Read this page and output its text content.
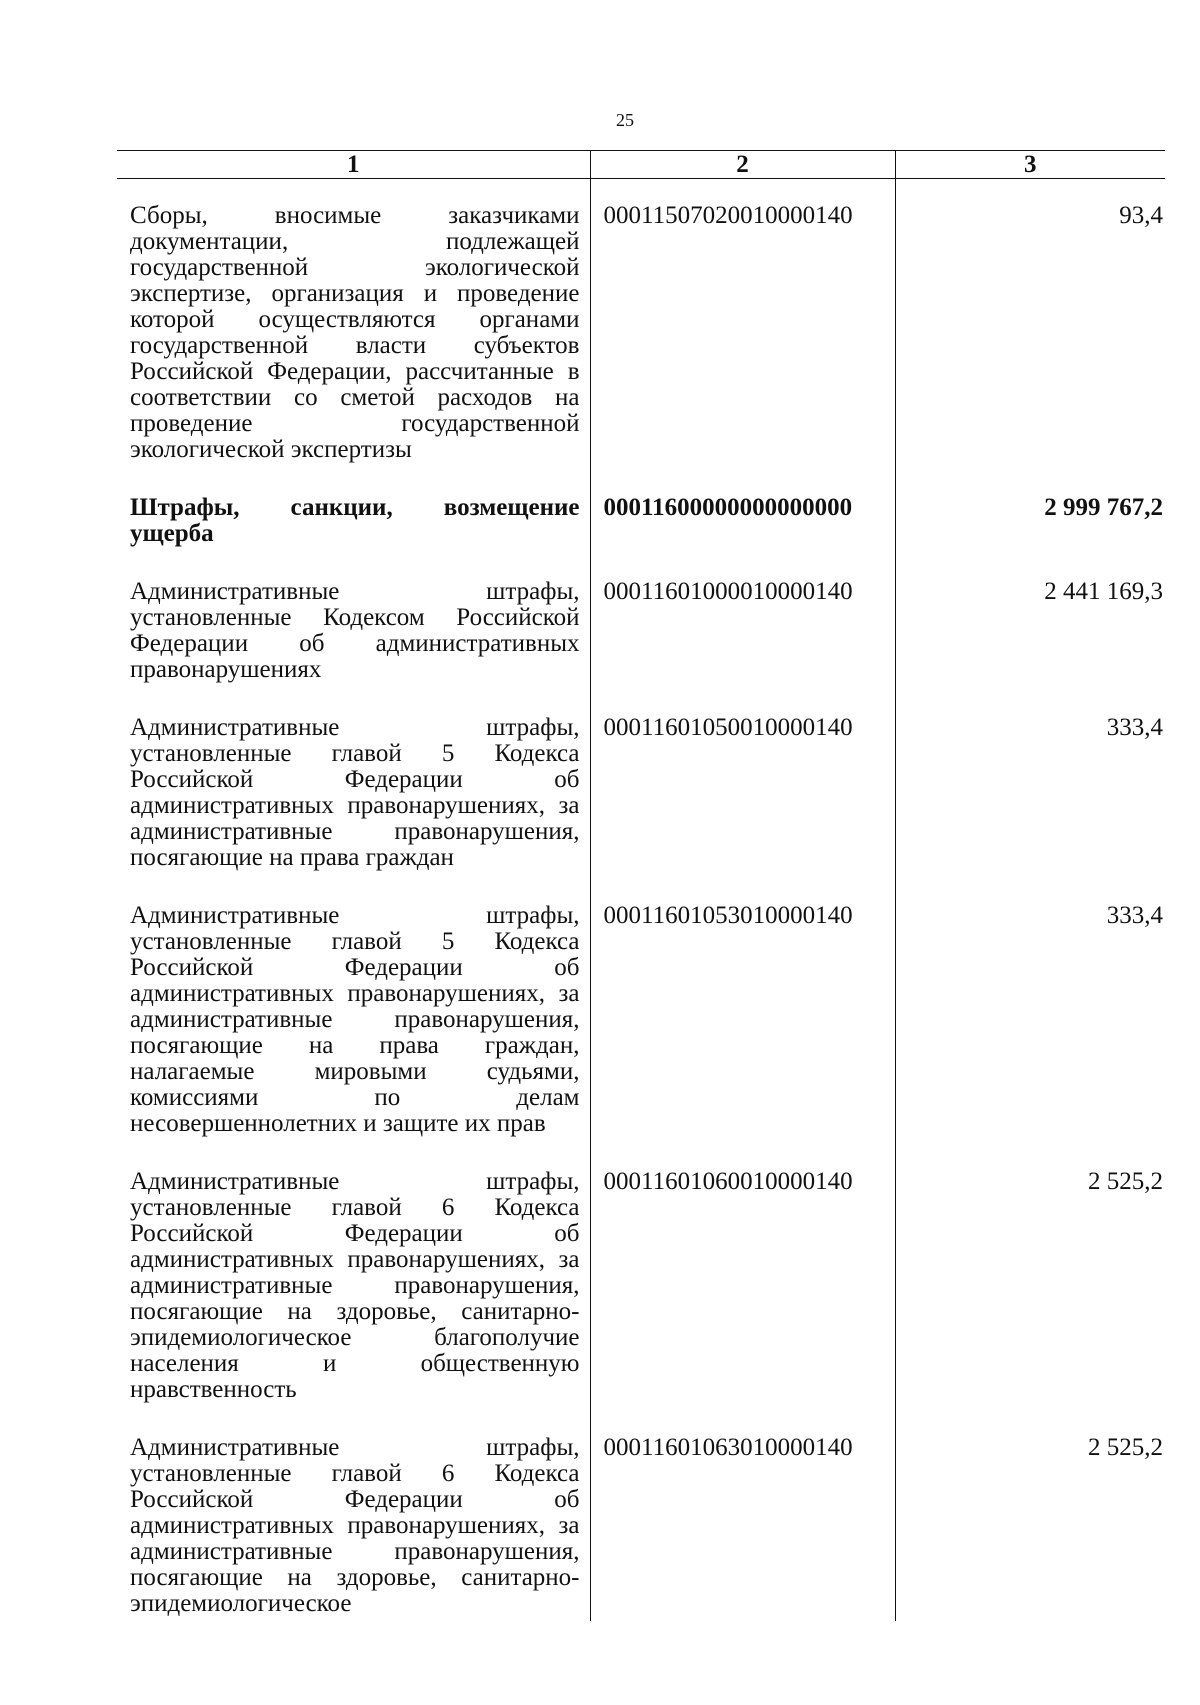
25
1	2	3
Сборы, вносимые заказчиками документации, подлежащей государственной экологической экспертизе, организация и проведение которой осуществляются органами государственной власти субъектов Российской Федерации, рассчитанные в соответствии со сметой расходов на проведение государственной экологической экспертизы	00011507020010000140	93,4
Штрафы, санкции, возмещение ущерба	00011600000000000000	2 999 767,2
Административные штрафы, установленные Кодексом Российской Федерации об административных правонарушениях	00011601000010000140	2 441 169,3
Административные штрафы, установленные главой 5 Кодекса Российской Федерации об административных правонарушениях, за административные правонарушения, посягающие на права граждан	00011601050010000140	333,4
Административные штрафы, установленные главой 5 Кодекса Российской Федерации об административных правонарушениях, за административные правонарушения, посягающие на права граждан, налагаемые мировыми судьями, комиссиями по делам несовершеннолетних и защите их прав	00011601053010000140	333,4
Административные штрафы, установленные главой 6 Кодекса Российской Федерации об административных правонарушениях, за административные правонарушения, посягающие на здоровье, санитарно-эпидемиологическое благополучие населения и общественную нравственность	00011601060010000140	2 525,2
Административные штрафы, установленные главой 6 Кодекса Российской Федерации об административных правонарушениях, за административные правонарушения, посягающие на здоровье, санитарно-эпидемиологическое	00011601063010000140	2 525,2
